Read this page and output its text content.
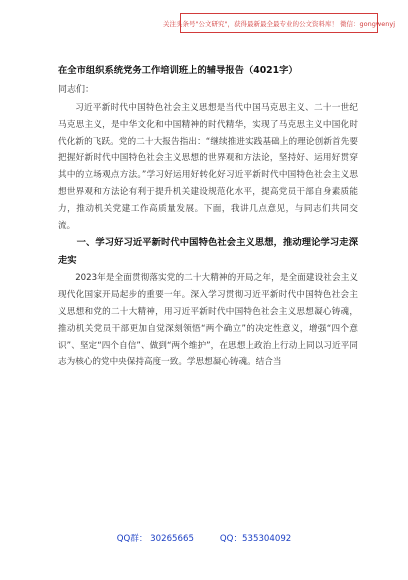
关注头条号"公文研究"，获得最新最全最专业的公文资料库！ 微信：gongwenyj
在全市组织系统党务工作培训班上的辅导报告（4021字）
同志们：

习近平新时代中国特色社会主义思想是当代中国马克思主义、二十一世纪马克思主义，是中华文化和中国精神的时代精华，实现了马克思主义中国化时代化新的飞跃。党的二十大报告指出：“继续推进实践基础上的理论创新首先要把握好新时代中国特色社会主义思想的世界观和方法论，坚持好、运用好贯穿其中的立场观点方法。”学习好运用好转化好习近平新时代中国特色社会主义思想世界观和方法论有利于提升机关建设规范化水平，提高党员干部自身素质能力，推动机关党建工作高质量发展。下面，我讲几点意见，与同志们共同交流。

一、学习好习近平新时代中国特色社会主义思想，推动理论学习走深走实

2023年是全面贯彻落实党的二十大精神的开局之年，是全面建设社会主义现代化国家开局起步的重要一年。深入学习贯彻习近平新时代中国特色社会主义思想和党的二十大精神，用习近平新时代中国特色社会主义思想凝心铸魂，推动机关党员干部更加自觉深刻领悟“两个确立”的决定性意义，增强“四个意识”、坚定“四个自信”、做到“两个维护”，在思想上政治上行动上同以习近平同志为核心的党中央保持高度一致。学思想凝心铸魂。结合当

QQ群： 30265665	QQ：535304092
